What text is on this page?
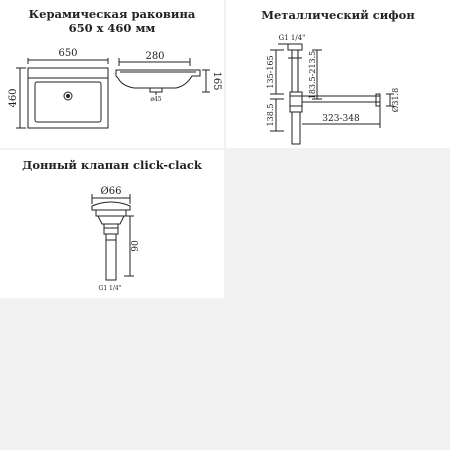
Керамическая раковина
650 х 460 мм
650
460
280
165
ø45
Металлический сифон
G1 1/4"
135-165
138.5
183.5-213.5
323-348
Ø31.8
Донный клапан click-clack
Ø66
90
G1 1/4"
